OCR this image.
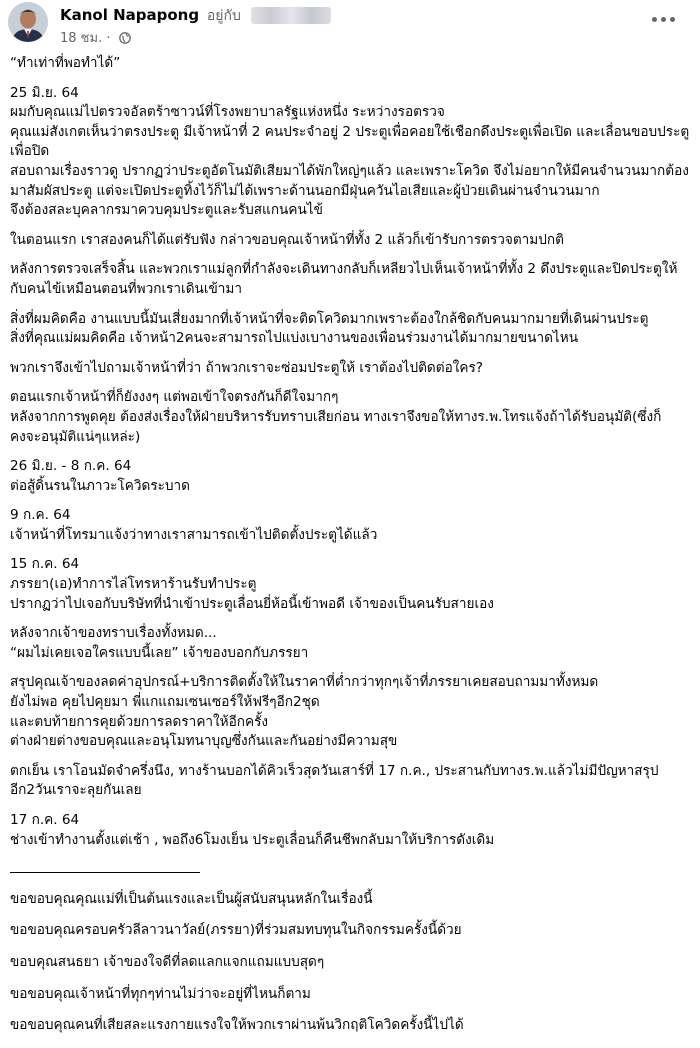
Kanol Napapong อยู่กับ
18 ชม. ·
“ทำเท่าที่พอทำได้”
25 มิ.ย. 64
ผมกับคุณแม่ไปตรวจอัลตร้าซาวน์ที่โรงพยาบาลรัฐแห่งหนึ่ง ระหว่างรอตรวจ
คุณแม่สังเกตเห็นว่าตรงประตู มีเจ้าหน้าที่ 2 คนประจำอยู่ 2 ประตูเพื่อคอยใช้เชือกดึงประตูเพื่อเปิด และเลื่อนขอบประตูเพื่อปิด
สอบถามเรื่องราวดู ปรากฏว่าประตูอัตโนมัติเสียมาได้พักใหญ่ๆแล้ว และเพราะโควิด จึงไม่อยากให้มีคนจำนวนมากต้องมาสัมผัสประตู แต่จะเปิดประตูทิ้งไว้ก็ไม่ได้เพราะด้านนอกมีฝุ่นควันไอเสียและผู้ป่วยเดินผ่านจำนวนมาก
จึงต้องสละบุคลากรมาควบคุมประตูและรับสแกนคนไข้
ในตอนแรก เราสองคนก็ได้แต่รับฟัง กล่าวขอบคุณเจ้าหน้าที่ทั้ง 2 แล้วก็เข้ารับการตรวจตามปกติ
หลังการตรวจเสร็จสิ้น และพวกเราแม่ลูกที่กำลังจะเดินทางกลับก็เหลียวไปเห็นเจ้าหน้าที่ทั้ง 2 ดึงประตูและปิดประตูให้กับคนไข้เหมือนตอนที่พวกเราเดินเข้ามา
สิ่งที่ผมคิดคือ งานแบบนี้มันเสี่ยงมากที่เจ้าหน้าที่จะติดโควิดมากเพราะต้องใกล้ชิดกับคนมากมายที่เดินผ่านประตู
สิ่งที่คุณแม่ผมคิดคือ เจ้าหน้า2คนจะสามารถไปแบ่งเบางานของเพื่อนร่วมงานได้มากมายขนาดไหน
พวกเราจึงเข้าไปถามเจ้าหน้าที่ว่า ถ้าพวกเราจะซ่อมประตูให้ เราต้องไปติดต่อใคร?
ตอนแรกเจ้าหน้าที่ก็ยังงงๆ แต่พอเข้าใจตรงกันก็ดีใจมากๆ
หลังจากการพูดคุย ต้องส่งเรื่องให้ฝ่ายบริหารรับทราบเสียก่อน ทางเราจึงขอให้ทางร.พ.โทรแจ้งถ้าได้รับอนุมัติ(ซึ่งก็คงจะอนุมัติแน่ๆแหล่ะ)
26 มิ.ย. - 8 ก.ค. 64
ต่อสู้ดิ้นรนในภาวะโควิดระบาด
9 ก.ค. 64
เจ้าหน้าที่โทรมาแจ้งว่าทางเราสามารถเข้าไปติดตั้งประตูได้แล้ว
15 ก.ค. 64
ภรรยา(เอ)ทำการไล่โทรหาร้านรับทำประตู
ปรากฏว่าไปเจอกับบริษัทที่นำเข้าประตูเลื่อนยี่ห้อนี้เข้าพอดี เจ้าของเป็นคนรับสายเอง
หลังจากเจ้าของทราบเรื่องทั้งหมด...
“ผมไม่เคยเจอใครแบบนี้เลย” เจ้าของบอกกับภรรยา
สรุปคุณเจ้าของลดค่าอุปกรณ์+บริการติดตั้งให้ในราคาที่ต่ำกว่าทุกๆเจ้าที่ภรรยาเคยสอบถามมาทั้งหมด
ยังไม่พอ คุยไปคุยมา พี่แกแถมเซนเซอร์ให้ฟรีๆอีก2ชุด
และตบท้ายการคุยด้วยการลดราคาให้อีกครั้ง
ต่างฝ่ายต่างขอบคุณและอนุโมทนาบุญซึ่งกันและกันอย่างมีความสุข
ตกเย็น เราโอนมัดจำครึ่งนึง, ทางร้านบอกได้คิวเร็วสุดวันเสาร์ที่ 17 ก.ค., ประสานกับทางร.พ.แล้วไม่มีปัญหาสรุปอีก2วันเราจะลุยกันเลย
17 ก.ค. 64
ช่างเข้าทำงานตั้งแต่เช้า , พอถึง6โมงเย็น ประตูเลื่อนก็คืนชีพกลับมาให้บริการดังเดิม
ขอขอบคุณคุณแม่ที่เป็นต้นแรงและเป็นผู้สนับสนุนหลักในเรื่องนี้
ขอขอบคุณครอบครัวลีลาวนาวัลย์(ภรรยา)ที่ร่วมสมทบทุนในกิจกรรมครั้งนี้ด้วย
ขอบคุณสนธยา เจ้าของใจดีที่ลดแลกแจกแถมแบบสุดๆ
ขอขอบคุณเจ้าหน้าที่ทุกๆท่านไม่ว่าจะอยู่ที่ไหนก็ตาม
ขอขอบคุณคนที่เสียสละแรงกายแรงใจให้พวกเราผ่านพ้นวิกฤติโควิดครั้งนี้ไปได้
